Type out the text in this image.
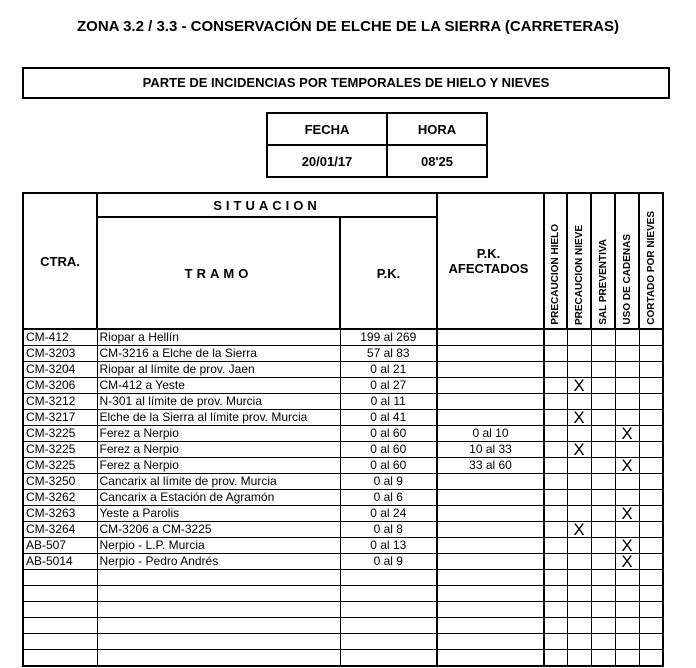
ZONA 3.2 / 3.3 - CONSERVACIÓN DE ELCHE DE LA SIERRA (CARRETERAS)
PARTE DE INCIDENCIAS POR TEMPORALES DE HIELO Y NIEVES
FECHA	HORA
20/01/17	08'25
CTRA.	SITUACION		P.K. AFECTADOS	PRECAUCION HIELO	PRECAUCION NIEVE	SAL PREVENTIVA	USO DE CADENAS	CORTADO POR NIEVES
	TRAMO	P.K.						
CM-412	Riopar a Hellín	199 al 269						
CM-3203	CM-3216 a Elche de la Sierra	57 al 83						
CM-3204	Riopar al límite de prov. Jaen	0 al 21						
CM-3206	CM-412 a Yeste	0 al 27			X			
CM-3212	N-301 al límite de prov. Murcia	0 al 11						
CM-3217	Elche de la Sierra al límite prov. Murcia	0 al 41			X			
CM-3225	Ferez a Nerpio	0 al 60	0 al 10				X	
CM-3225	Ferez a Nerpio	0 al 60	10 al 33		X			
CM-3225	Ferez a Nerpio	0 al 60	33 al 60				X	
CM-3250	Cancarix al límite de prov. Murcia	0 al 9						
CM-3262	Cancarix a Estación de Agramón	0 al 6						
CM-3263	Yeste a Parolis	0 al 24					X	
CM-3264	CM-3206 a CM-3225	0 al 8			X			
AB-507	Nerpio - L.P. Murcia	0 al 13					X	
AB-5014	Nerpio - Pedro Andrés	0 al 9					X	
